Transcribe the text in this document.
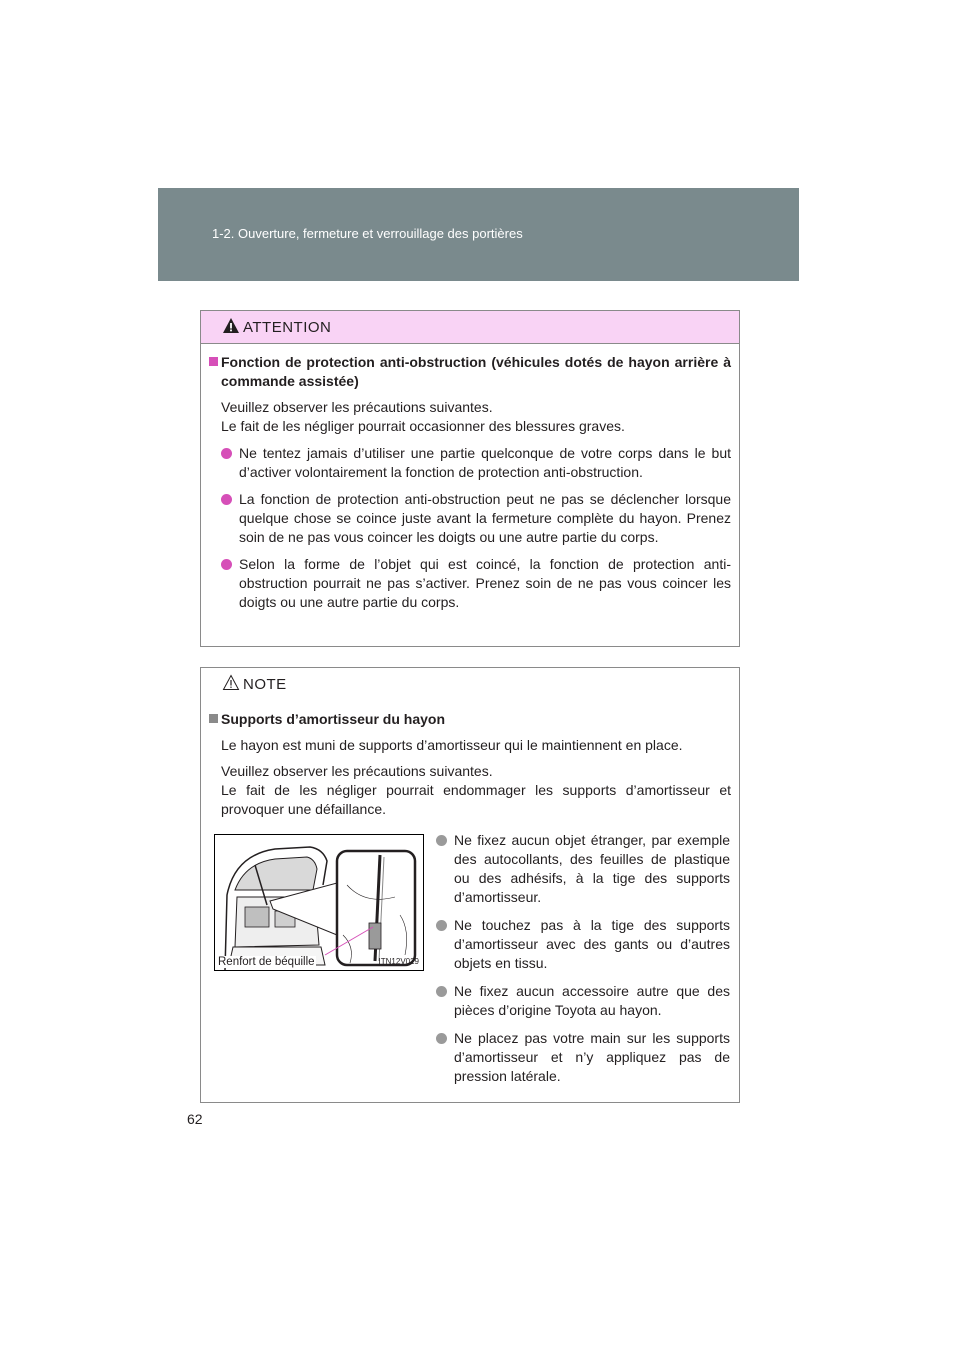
1-2. Ouverture, fermeture et verrouillage des portières
ATTENTION
Fonction de protection anti-obstruction (véhicules dotés de hayon arrière à commande assistée)
Veuillez observer les précautions suivantes.
Le fait de les négliger pourrait occasionner des blessures graves.
Ne tentez jamais d’utiliser une partie quelconque de votre corps dans le but d’activer volontairement la fonction de protection anti-obstruction.
La fonction de protection anti-obstruction peut ne pas se déclencher lorsque quelque chose se coince juste avant la fermeture complète du hayon. Prenez soin de ne pas vous coincer les doigts ou une autre partie du corps.
Selon la forme de l’objet qui est coincé, la fonction de protection anti-obstruction pourrait ne pas s’activer. Prenez soin de ne pas vous coincer les doigts ou une autre partie du corps.
NOTE
Supports d’amortisseur du hayon
Le hayon est muni de supports d’amortisseur qui le maintiennent en place.
Veuillez observer les précautions suivantes.
Le fait de les négliger pourrait endommager les supports d’amortisseur et provoquer une défaillance.
Renfort de béquille	ITN12V029
Ne fixez aucun objet étranger, par exemple des autocollants, des feuilles de plastique ou des adhésifs, à la tige des supports d’amortisseur.
Ne touchez pas à la tige des supports d’amortisseur avec des gants ou d’autres objets en tissu.
Ne fixez aucun accessoire autre que des pièces d’origine Toyota au hayon.
Ne placez pas votre main sur les supports d’amortisseur et n’y appliquez pas de pression latérale.
62
